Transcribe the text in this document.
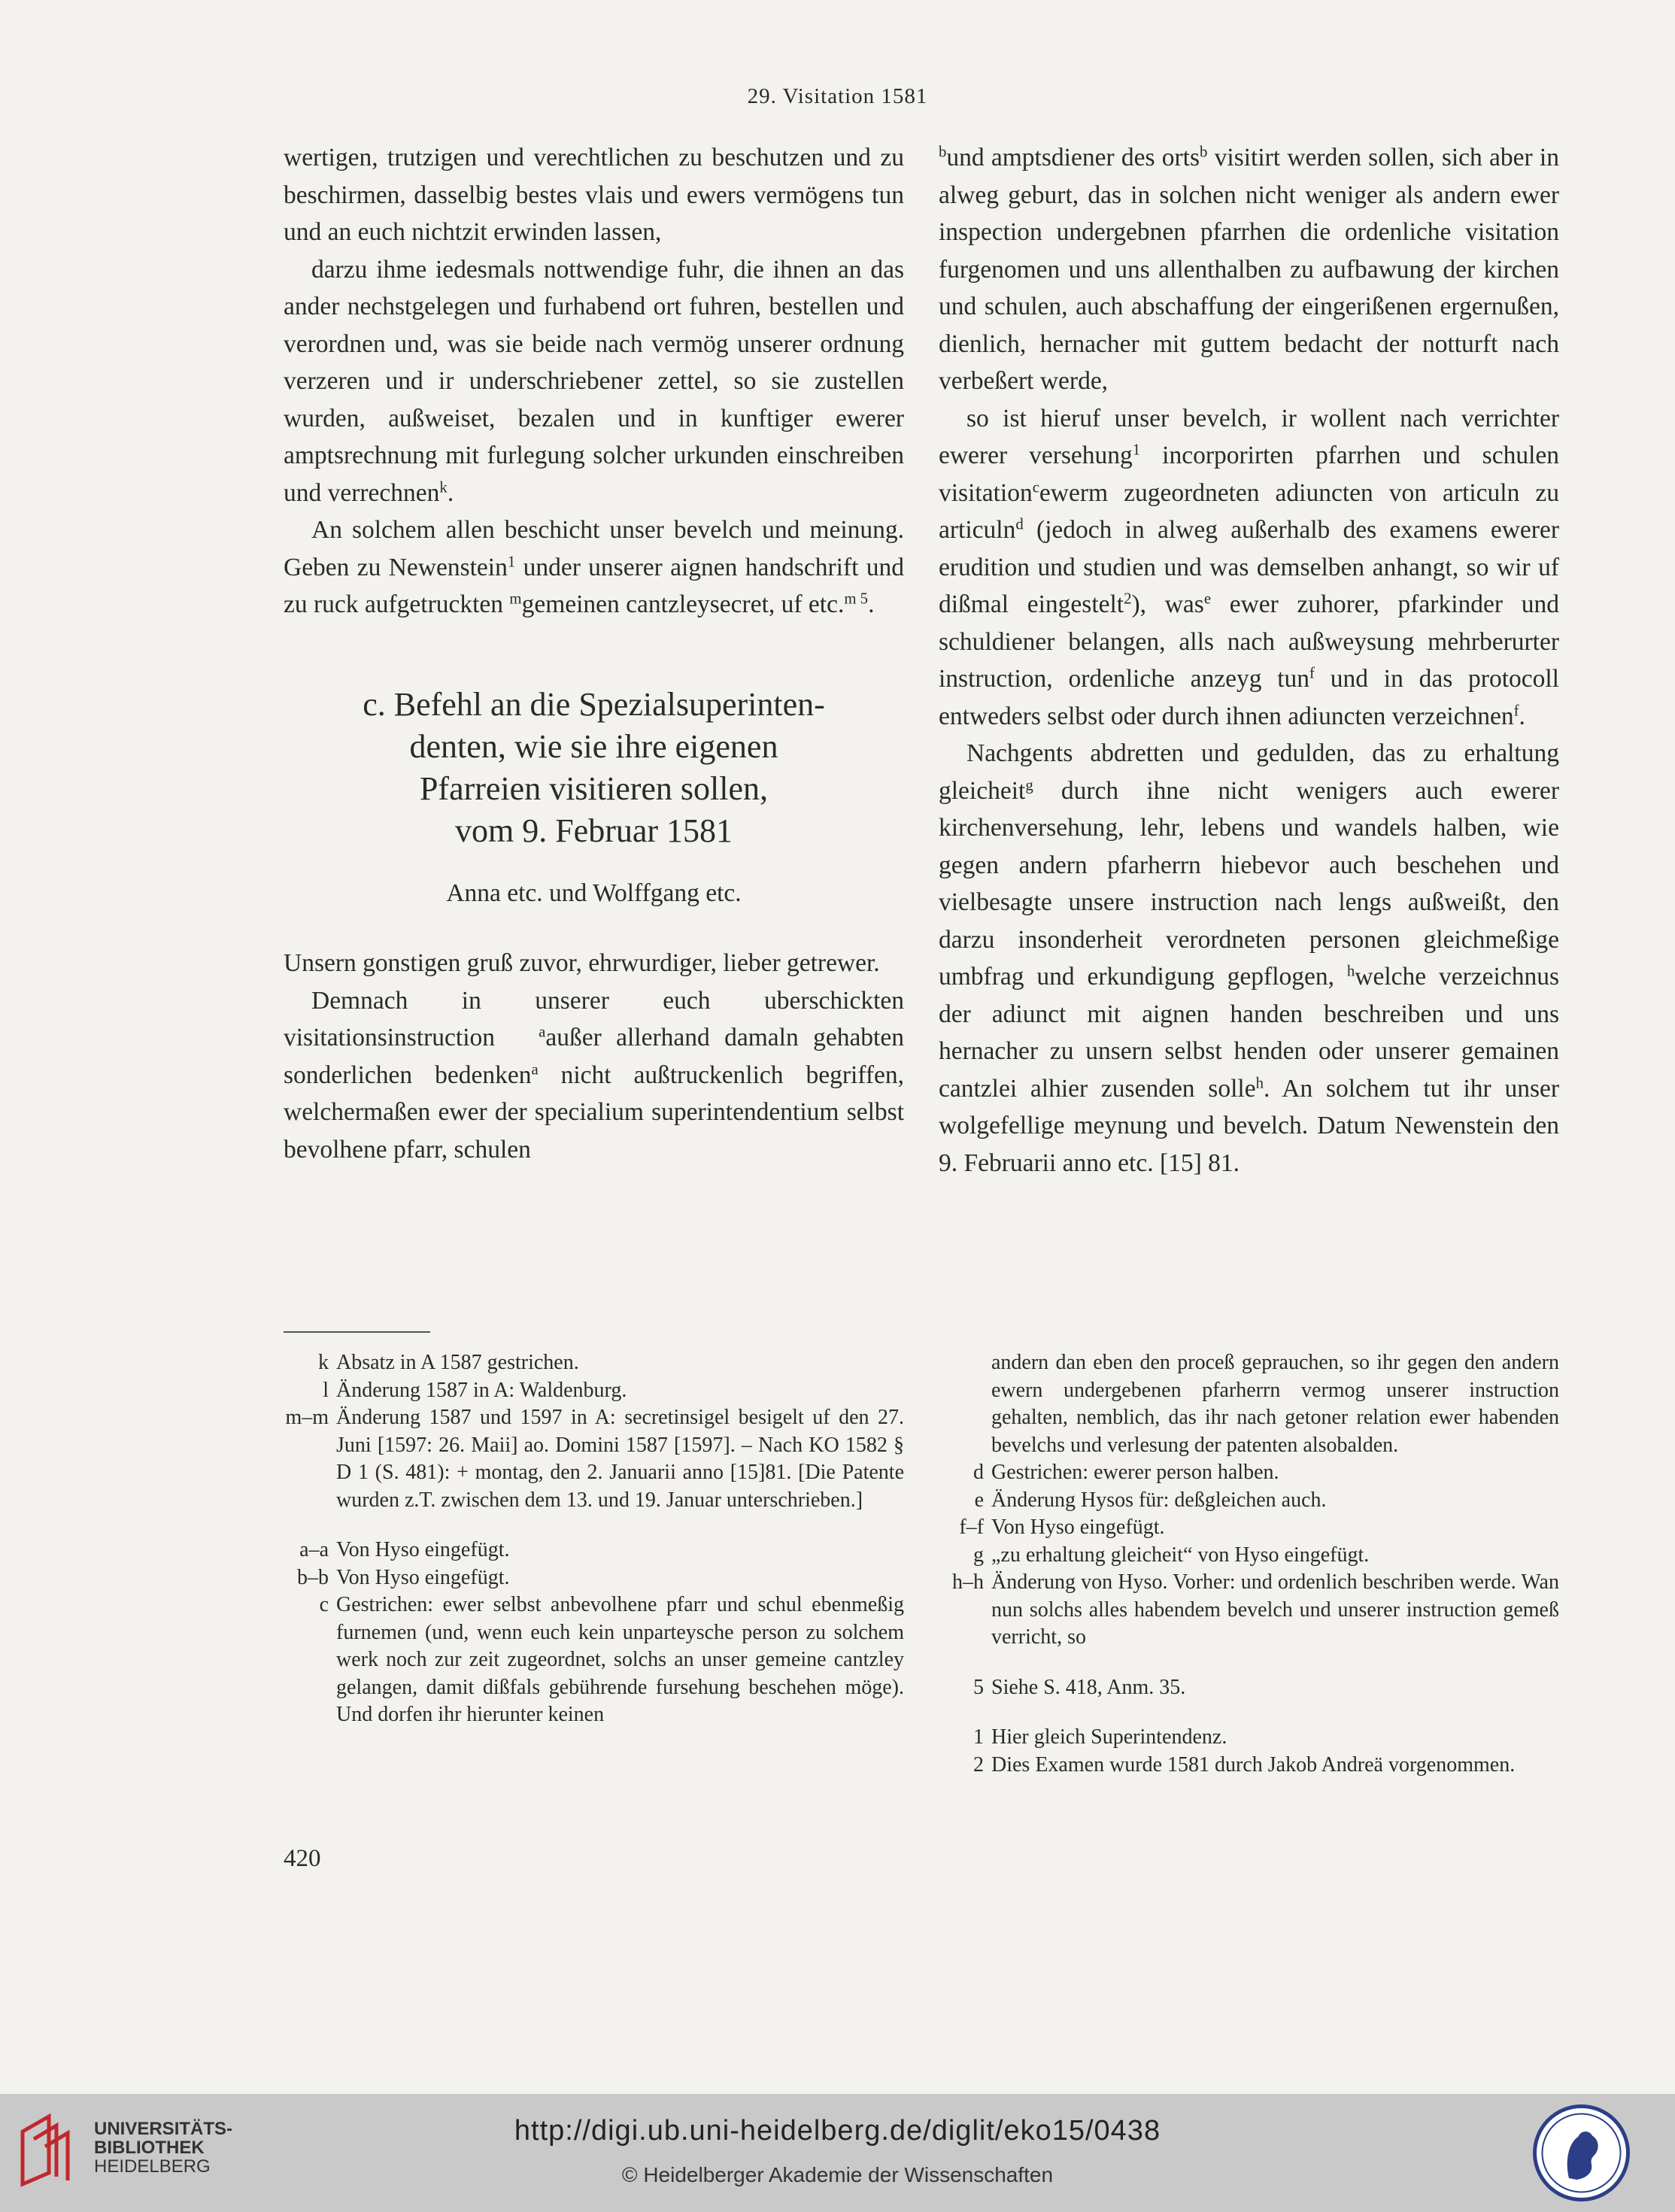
29. Visitation 1581

wertigen, trutzigen und verechtlichen zu beschutzen und zu beschirmen, dasselbig bestes vlais und ewers vermögens tun und an euch nichtzit erwinden lassen,

darzu ihme iedesmals nottwendige fuhr, die ihnen an das ander nechstgelegen und furhabend ort fuhren, bestellen und verordnen und, was sie beide nach vermög unserer ordnung verzeren und ir underschriebener zettel, so sie zustellen wurden, außweiset, bezalen und in kunftiger ewerer amptsrechnung mit furlegung solcher urkunden einschreiben und verrechnen$^k$.

An solchem allen beschicht unser bevelch und meinung. Geben zu Newenstein$^1$ under unserer aignen handschrift und zu ruck aufgetruckten $^m$gemeinen cantzleysecret, uf etc.$^{m 5}$.

c. Befehl an die Spezialsuperinten-
denten, wie sie ihre eigenen
Pfarreien visitieren sollen,
vom 9. Februar 1581
Anna etc. und Wolffgang etc.

Unsern gonstigen gruß zuvor, ehrwurdiger, lieber getrewer.

Demnach in unserer euch uberschickten visitationsinstruction   $^a$außer allerhand damaln gehabten sonderlichen bedenken$^a$ nicht außtruckenlich begriffen, welchermaßen ewer der specialium superintendentium selbst bevolhene pfarr, schulen

$^b$und amptsdiener des orts$^b$ visitirt werden sollen, sich aber in alweg geburt, das in solchen nicht weniger als andern ewer inspection undergebnen pfarrhen die ordenliche visitation furgenomen und uns allenthalben zu aufbawung der kirchen und schulen, auch abschaffung der eingerißenen ergernußen, dienlich, hernacher mit guttem bedacht der notturft nach verbeßert werde,

so ist hieruf unser bevelch, ir wollent nach verrichter ewerer versehung$^1$ incorporirten pfarrhen und schulen visitation$^c$ewerm zugeordneten adiuncten von articuln zu articuln$^d$ (jedoch in alweg außerhalb des examens ewerer erudition und studien und was demselben anhangt, so wir uf dißmal eingestelt$^2$), was$^e$ ewer zuhorer, pfarkinder und schuldiener belangen, alls nach außweysung mehrberurter instruction, ordenliche anzeyg tun$^f$ und in das protocoll entweders selbst oder durch ihnen adiuncten verzeichnen$^f$.

Nachgents abdretten und gedulden, das zu erhaltung gleicheit$^g$ durch ihne nicht wenigers auch ewerer kirchenversehung, lehr, lebens und wandels halben, wie gegen andern pfarherrn hiebevor auch beschehen und vielbesagte unsere instruction nach lengs außweißt, den darzu insonderheit verordneten personen gleichmeßige umbfrag und erkundigung gepflogen, $^h$welche verzeichnus der adiunct mit aignen handen beschreiben und uns hernacher zu unsern selbst henden oder unserer gemainen cantzlei alhier zusenden solle$^h$. An solchem tut ihr unser wolgefellige meynung und bevelch. Datum Newenstein den 9. Februarii anno etc. [15] 81.

k Absatz in A 1587 gestrichen.
l Änderung 1587 in A: Waldenburg.
m–m Änderung 1587 und 1597 in A: secretinsigel besigelt uf den 27. Juni [1597: 26. Maii] ao. Domini 1587 [1597]. – Nach KO 1582 § D 1 (S. 481): + montag, den 2. Januarii anno [15]81. [Die Patente wurden z.T. zwischen dem 13. und 19. Januar unterschrieben.]
a–a Von Hyso eingefügt.
b–b Von Hyso eingefügt.
c Gestrichen: ewer selbst anbevolhene pfarr und schul ebenmeßig furnemen (und, wenn euch kein unparteysche person zu solchem werk noch zur zeit zugeordnet, solchs an unser gemeine cantzley gelangen, damit dißfals gebührende fursehung beschehen möge). Und dorfen ihr hierunter keinen
andern dan eben den proceß geprauchen, so ihr gegen den andern ewern undergebenen pfarherrn vermog unserer instruction gehalten, nemblich, das ihr nach getoner relation ewer habenden bevelchs und verlesung der patenten alsobalden.
d Gestrichen: ewerer person halben.
e Änderung Hysos für: deßgleichen auch.
f–f Von Hyso eingefügt.
g „zu erhaltung gleicheit“ von Hyso eingefügt.
h–h Änderung von Hyso. Vorher: und ordenlich beschriben werde. Wan nun solchs alles habendem bevelch und unserer instruction gemeß verricht, so
5 Siehe S. 418, Anm. 35.
1 Hier gleich Superintendenz.
2 Dies Examen wurde 1581 durch Jakob Andreä vorgenommen.
420
UNIVERSITÄTS-
BIBLIOTHEK
HEIDELBERG
http://digi.ub.uni-heidelberg.de/diglit/eko15/0438
© Heidelberger Akademie der Wissenschaften
